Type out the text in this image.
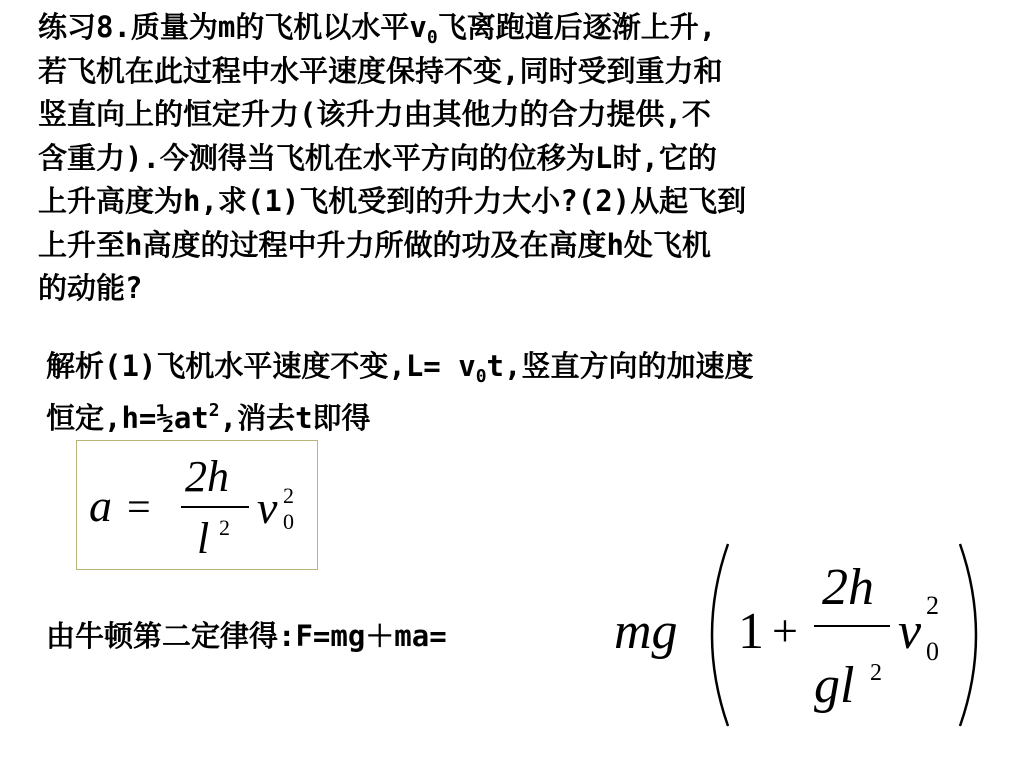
练习8.质量为m的飞机以水平$v_0$飞离跑道后逐渐上升,
若飞机在此过程中水平速度保持不变,同时受到重力和
竖直向上的恒定升力(该升力由其他力的合力提供,不
含重力).今测得当飞机在水平方向的位移为L时,它的
上升高度为h,求(1)飞机受到的升力大小?(2)从起飞到
上升至h高度的过程中升力所做的功及在高度h处飞机
的动能?
解析(1)飞机水平速度不变$,L= v_0t$,竖直方向的加速度
恒定$,h=\frac{1}{2}at^2$,消去t即得
a =
2h
l 2 v 2
0
由牛顿第二定律得:F=mg＋ma=	mg 1 +
2h
gl 2
v 2
0
